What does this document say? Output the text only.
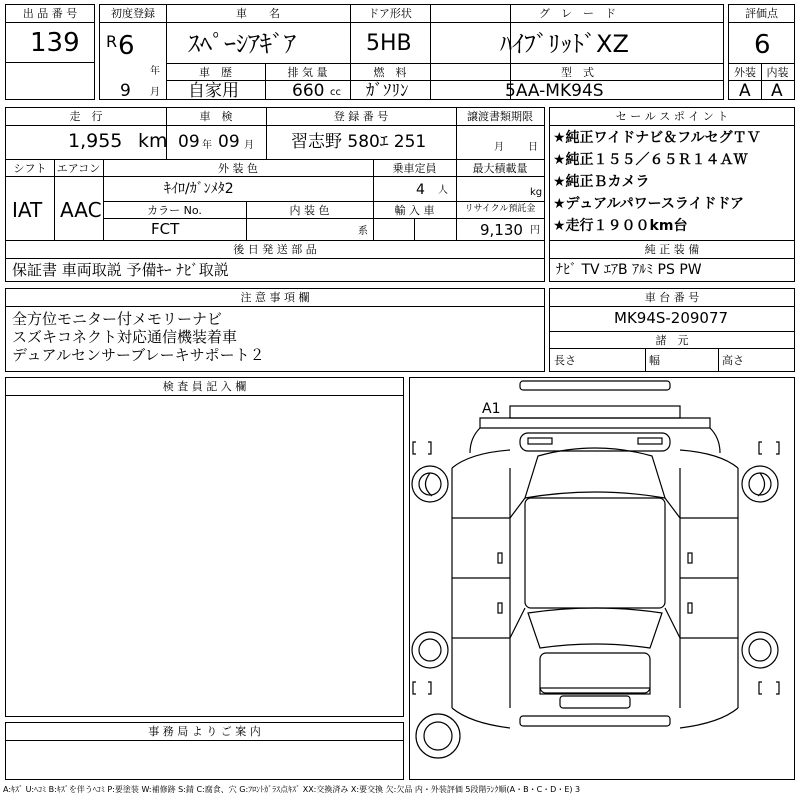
出 品 番 号
139
初度登録
R 6
年
9 月
車　　名
ｽﾍﾟｰｼｱｷﾞｱ
ドア形状
5HB
グ　レ　ー　ド
ﾊｲﾌﾞﾘｯﾄﾞXZ
車　歴
自家用
排 気 量
660 cc
燃　料
ｶﾞｿﾘﾝ
型　式
5AA-MK94S
評価点
6
外装 内装
A A
走　行
1,955 km
車　検
09 年 09 月
登 録 番 号
習志野 580ｴ 251
譲渡書類期限
月 日
シフト
IAT
エアコン
AAC
外 装 色
ｷｲﾛ/ｶﾞﾝﾒﾀ2
乗車定員
4 人
最大積載量
kg
カラー No.
FCT
内 装 色
系
輸 入 車	リサイクル預託金
9,130 円
セ ー ル ス ポ イ ン ト
★純正ワイドナビ＆フルセグＴＶ
★純正１５５／６５Ｒ１４ＡＷ
★純正Ｂカメラ
★デュアルパワースライドドア
★走行１９００km台
後 日 発 送 部 品
保証書 車両取説 予備ｷｰ ﾅﾋﾞ取説
純 正 装 備
ﾅﾋﾞ TV ｴｱB ｱﾙﾐ PS PW
注 意 事 項 欄
全方位モニター付メモリーナビ
スズキコネクト対応通信機装着車
デュアルセンサーブレーキサポート２
車 台 番 号
MK94S-209077
諸　元
長さ	幅	高さ
検 査 員 記 入 欄
事 務 局 よ り ご 案 内
A1
A:ｷｽﾞ U:ﾍｺﾐ B:ｷｽﾞを伴うﾍｺﾐ P:要塗装 W:補修跡 S:錆 C:腐食、穴 G:ﾌﾛﾝﾄｶﾞﾗｽ点ｷｽﾞ XX:交換済み X:要交換 欠:欠品 内・外装評価 5段階ﾗﾝｸ順(A・B・C・D・E) 3
